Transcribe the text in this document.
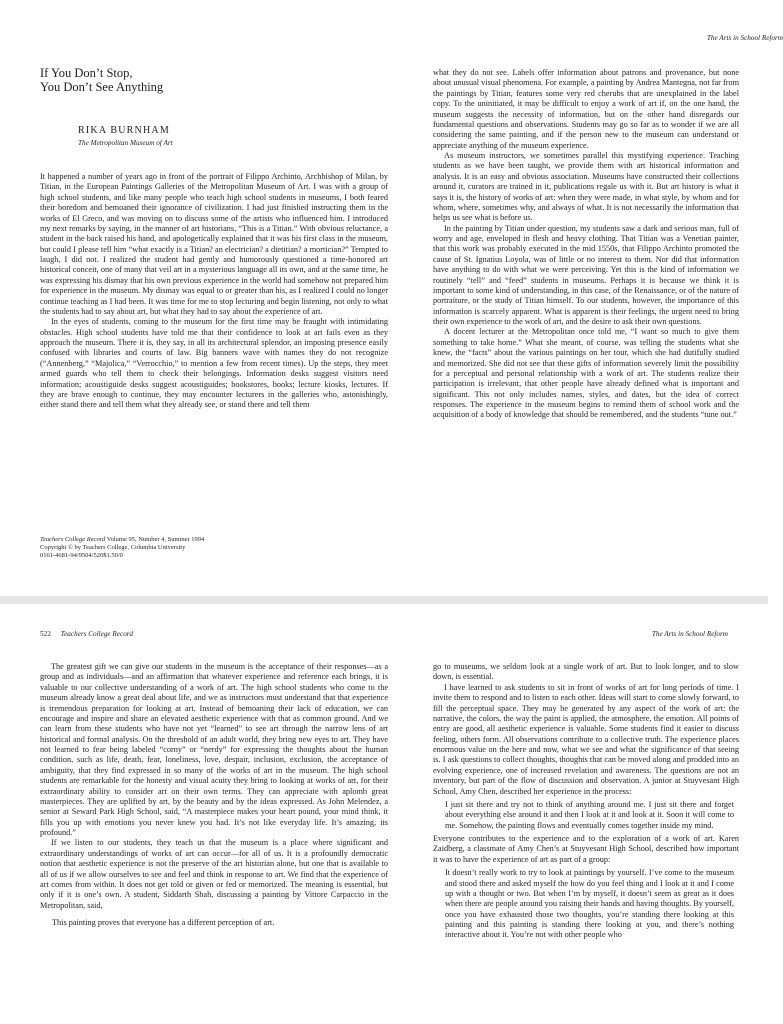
The Arts in School Reform
If You Don’t Stop,
You Don’t See Anything
RIKA BURNHAM
The Metropolitan Museum of Art

It happened a number of years ago in front of the portrait of Filippo Archinto, Archbishop of Milan, by Titian, in the European Paintings Galleries of the Metropolitan Museum of Art. I was with a group of high school students, and like many people who teach high school students in museums, I both feared their boredom and bemoaned their ignorance of civilization. I had just finished instructing them in the works of El Greco, and was moving on to discuss some of the artists who influenced him. I introduced my next remarks by saying, in the manner of art historians, “This is a Titian.” With obvious reluctance, a student in the back raised his hand, and apologetically explained that it was his first class in the museum, but could I please tell him “what exactly is a Titian? an electrician? a dietitian? a mortician?” Tempted to laugh, I did not. I realized the student had gently and humorously questioned a time-honored art historical conceit, one of many that veil art in a mysterious language all its own, and at the same time, he was expressing his dismay that his own previous experience in the world had somehow not prepared him for experience in the museum. My dismay was equal to or greater than his, as I realized I could no longer continue teaching as I had been. It was time for me to stop lecturing and begin listening, not only to what the students had to say about art, but what they had to say about the experience of art.

In the eyes of students, coming to the museum for the first time may be fraught with intimidating obstacles. High school students have told me that their confidence to look at art fails even as they approach the museum. There it is, they say, in all its architectural splendor, an imposing presence easily confused with libraries and courts of law. Big banners wave with names they do not recognize (“Annenberg,” “Majolica,” “Verrocchio,” to mention a few from recent times). Up the steps, they meet armed guards who tell them to check their belongings. Information desks suggest visitors need information; acoustiguide desks suggest acoustiguides; bookstores, books; lecture kiosks, lectures. If they are brave enough to continue, they may encounter lecturers in the galleries who, astonishingly, either stand there and tell them what they already see, or stand there and tell them

Teachers College Record Volume 95, Number 4, Summer 1994
Copyright © by Teachers College, Columbia University
0161-4681-94/9504/520$1.50/0

what they do not see. Labels offer information about patrons and provenance, but none about unusual visual phenomena. For example, a painting by Andrea Mantegna, not far from the paintings by Titian, features some very red cherubs that are unexplained in the label copy. To the uninitiated, it may be difficult to enjoy a work of art if, on the one hand, the museum suggests the necessity of information, but on the other hand disregards our fundamental questions and observations. Students may go so far as to wonder if we are all considering the same painting, and if the person new to the museum can understand or appreciate anything of the museum experience.

As museum instructors, we sometimes parallel this mystifying experience. Teaching students as we have been taught, we provide them with art historical information and analysis. It is an easy and obvious association. Museums have constructed their collections around it, curators are trained in it, publications regale us with it. But art history is what it says it is, the history of works of art: when they were made, in what style, by whom and for whom, where, sometimes why, and always of what. It is not necessarily the information that helps us see what is before us.

In the painting by Titian under question, my students saw a dark and serious man, full of worry and age, enveloped in flesh and heavy clothing. That Titian was a Venetian painter, that this work was probably executed in the mid 1550s, that Filippo Archinto promoted the cause of St. Ignatius Loyola, was of little or no interest to them. Nor did that information have anything to do with what we were perceiving. Yet this is the kind of information we routinely “tell” and “feed” students in museums. Perhaps it is because we think it is important to some kind of understanding, in this case, of the Renaissance, or of the nature of portraiture, or the study of Titian himself. To our students, however, the importance of this information is scarcely apparent. What is apparent is their feelings, the urgent need to bring their own experience to the work of art, and the desire to ask their own questions.

A docent lecturer at the Metropolitan once told me, “I want so much to give them something to take home.” What she meant, of course, was telling the students what she knew, the “facts” about the various paintings on her tour, which she had dutifully studied and memorized. She did not see that these gifts of information severely limit the possibility for a perceptual and personal relationship with a work of art. The students realize their participation is irrelevant, that other people have already defined what is important and significant. This not only includes names, styles, and dates, but the idea of correct responses. The experience in the museum begins to remind them of school work and the acquisition of a body of knowledge that should be remembered, and the students “tune out.”

522 Teachers College Record	The Arts in School Reform

The greatest gift we can give our students in the museum is the acceptance of their responses—as a group and as individuals—and an affirmation that whatever experience and reference each brings, it is valuable to our collective understanding of a work of art. The high school students who come to the museum already know a great deal about life, and we as instructors must understand that that experience is tremendous preparation for looking at art. Instead of bemoaning their lack of education, we can encourage and inspire and share an elevated aesthetic experience with that as common ground. And we can learn from these students who have not yet “learned” to see art through the narrow lens of art historical and formal analysis. On the threshold of an adult world, they bring new eyes to art. They have not learned to fear being labeled “corny” or “nerdy” for expressing the thoughts about the human condition, such as life, death, fear, loneliness, love, despair, inclusion, exclusion, the acceptance of ambiguity, that they find expressed in so many of the works of art in the museum. The high school students are remarkable for the honesty and visual acuity they bring to looking at works of art, for their extraordinary ability to consider art on their own terms. They can appreciate with aplomb great masterpieces. They are uplifted by art, by the beauty and by the ideas expressed. As John Melendez, a senior at Seward Park High School, said, “A masterpiece makes your heart pound, your mind think, it fills you up with emotions you never knew you had. It’s not like everyday life. It’s amazing, its profound.”

If we listen to our students, they teach us that the museum is a place where significant and extraordinary understandings of works of art can occur—for all of us. It is a profoundly democratic notion that aesthetic experience is not the preserve of the art historian alone, but one that is available to all of us if we allow ourselves to see and feel and think in response to art. We find that the experience of art comes from within. It does not get told or given or fed or memorized. The meaning is essential, but only if it is one’s own. A student, Siddarth Shah, discussing a painting by Vittore Carpaccio in the Metropolitan, said,

This painting proves that everyone has a different perception of art.

go to museums, we seldom look at a single work of art. But to look longer, and to slow down, is essential.

I have learned to ask students to sit in front of works of art for long periods of time. I invite them to respond and to listen to each other. Ideas will start to come slowly forward, to fill the perceptual space. They may be generated by any aspect of the work of art: the narrative, the colors, the way the paint is applied, the atmosphere, the emotion. All points of entry are good, all aesthetic experience is valuable. Some students find it easier to discuss feeling, others form. All observations contribute to a collective truth. The experience places enormous value on the here and now, what we see and what the significance of that seeing is. I ask questions to collect thoughts, thoughts that can be moved along and prodded into an evolving experience, one of increased revelation and awareness. The questions are not an inventory, but part of the flow of discussion and observation. A junior at Stuyvesant High School, Amy Chen, described her experience in the process:

I just sit there and try not to think of anything around me. I just sit there and forget about everything else around it and then I look at it and look at it. Soon it will come to me. Somehow, the painting flows and eventually comes together inside my mind.

Everyone contributes to the experience and to the exploration of a work of art. Karen Zaidberg, a classmate of Amy Chen’s at Stuyvesant High School, described how important it was to have the experience of art as part of a group:

It doesn’t really work to try to look at paintings by yourself. I’ve come to the museum and stood there and asked myself the how do you feel thing and I look at it and I come up with a thought or two. But when I’m by myself, it doesn’t seem as great as it does when there are people around you raising their hands and having thoughts. By yourself, once you have exhausted those two thoughts, you’re standing there looking at this painting and this painting is standing there looking at you, and there’s nothing interactive about it. You’re not with other people who
